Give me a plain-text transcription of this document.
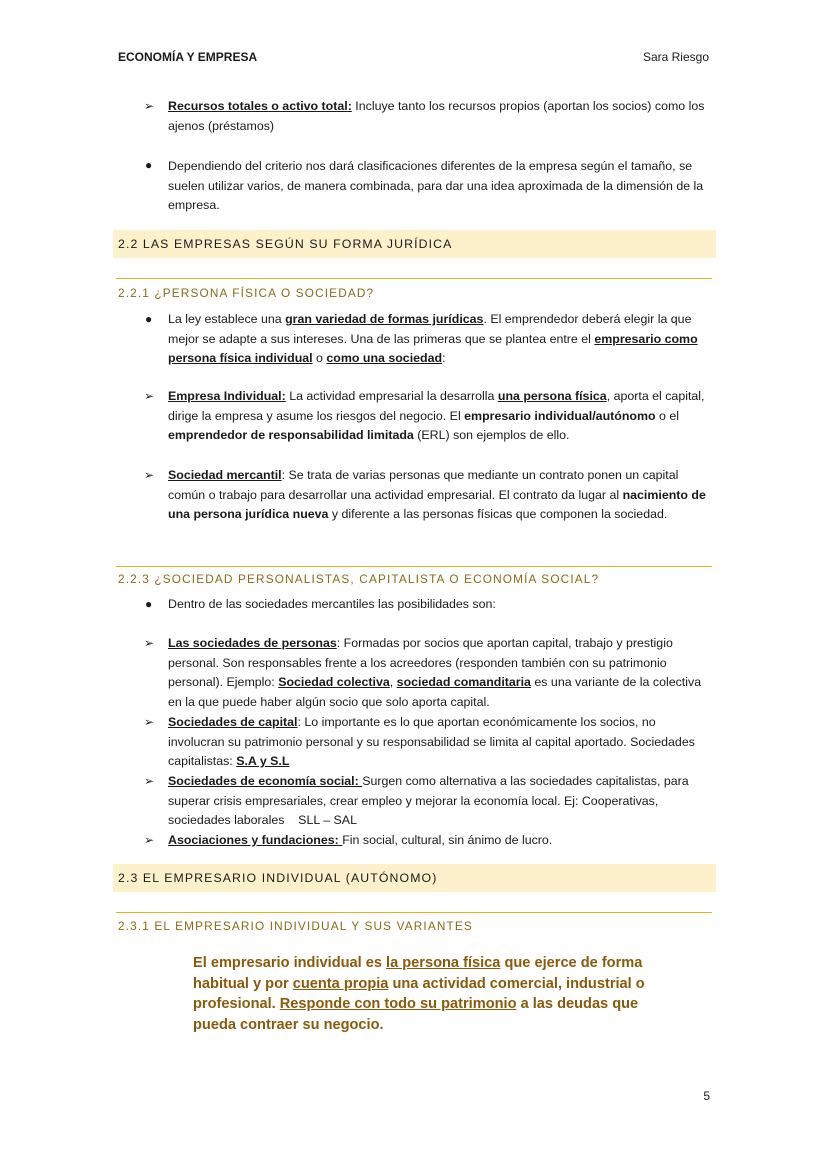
ECONOMÍA Y EMPRESA	Sara Riesgo
➢ Recursos totales o activo total: Incluye tanto los recursos propios (aportan los socios) como los ajenos (préstamos)
● Dependiendo del criterio nos dará clasificaciones diferentes de la empresa según el tamaño, se suelen utilizar varios, de manera combinada, para dar una idea aproximada de la dimensión de la empresa.
2.2 LAS EMPRESAS SEGÚN SU FORMA JURÍDICA
2.2.1 ¿PERSONA FÍSICA O SOCIEDAD?
● La ley establece una gran variedad de formas jurídicas. El emprendedor deberá elegir la que mejor se adapte a sus intereses. Una de las primeras que se plantea entre el empresario como persona física individual o como una sociedad:
➢ Empresa Individual: La actividad empresarial la desarrolla una persona física, aporta el capital, dirige la empresa y asume los riesgos del negocio. El empresario individual/autónomo o el emprendedor de responsabilidad limitada (ERL) son ejemplos de ello.
➢ Sociedad mercantil: Se trata de varias personas que mediante un contrato ponen un capital común o trabajo para desarrollar una actividad empresarial. El contrato da lugar al nacimiento de una persona jurídica nueva y diferente a las personas físicas que componen la sociedad.
2.2.3 ¿SOCIEDAD PERSONALISTAS, CAPITALISTA O ECONOMÍA SOCIAL?
● Dentro de las sociedades mercantiles las posibilidades son:
➢ Las sociedades de personas: Formadas por socios que aportan capital, trabajo y prestigio personal. Son responsables frente a los acreedores (responden también con su patrimonio personal). Ejemplo: Sociedad colectiva, sociedad comanditaria es una variante de la colectiva en la que puede haber algún socio que solo aporta capital.
➢ Sociedades de capital: Lo importante es lo que aportan económicamente los socios, no involucran su patrimonio personal y su responsabilidad se limita al capital aportado. Sociedades capitalistas: S.A y S.L
➢ Sociedades de economía social: Surgen como alternativa a las sociedades capitalistas, para superar crisis empresariales, crear empleo y mejorar la economía local. Ej: Cooperativas, sociedades laborales    SLL – SAL
➢ Asociaciones y fundaciones: Fin social, cultural, sin ánimo de lucro.
2.3 EL EMPRESARIO INDIVIDUAL (AUTÓNOMO)
2.3.1 EL EMPRESARIO INDIVIDUAL Y SUS VARIANTES
El empresario individual es la persona física que ejerce de forma habitual y por cuenta propia una actividad comercial, industrial o profesional. Responde con todo su patrimonio a las deudas que pueda contraer su negocio.
5
